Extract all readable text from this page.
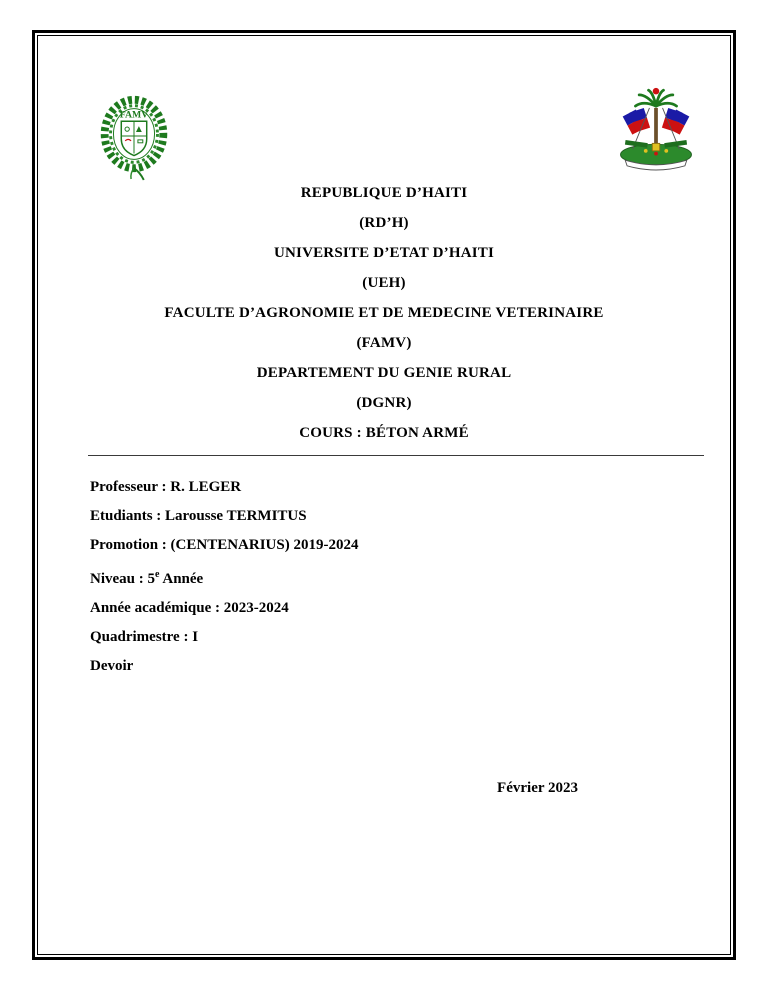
FAMV
REPUBLIQUE D’HAITI
(RD’H)
UNIVERSITE D’ETAT D’HAITI
(UEH)
FACULTE D’AGRONOMIE ET DE MEDECINE VETERINAIRE
(FAMV)
DEPARTEMENT DU GENIE RURAL
(DGNR)
COURS : BÉTON ARMÉ
Professeur : R. LEGER
Etudiants : Larousse TERMITUS
Promotion : (CENTENARIUS) 2019-2024
Niveau : 5e Année
Année académique : 2023-2024
Quadrimestre : I
Devoir
Février 2023
